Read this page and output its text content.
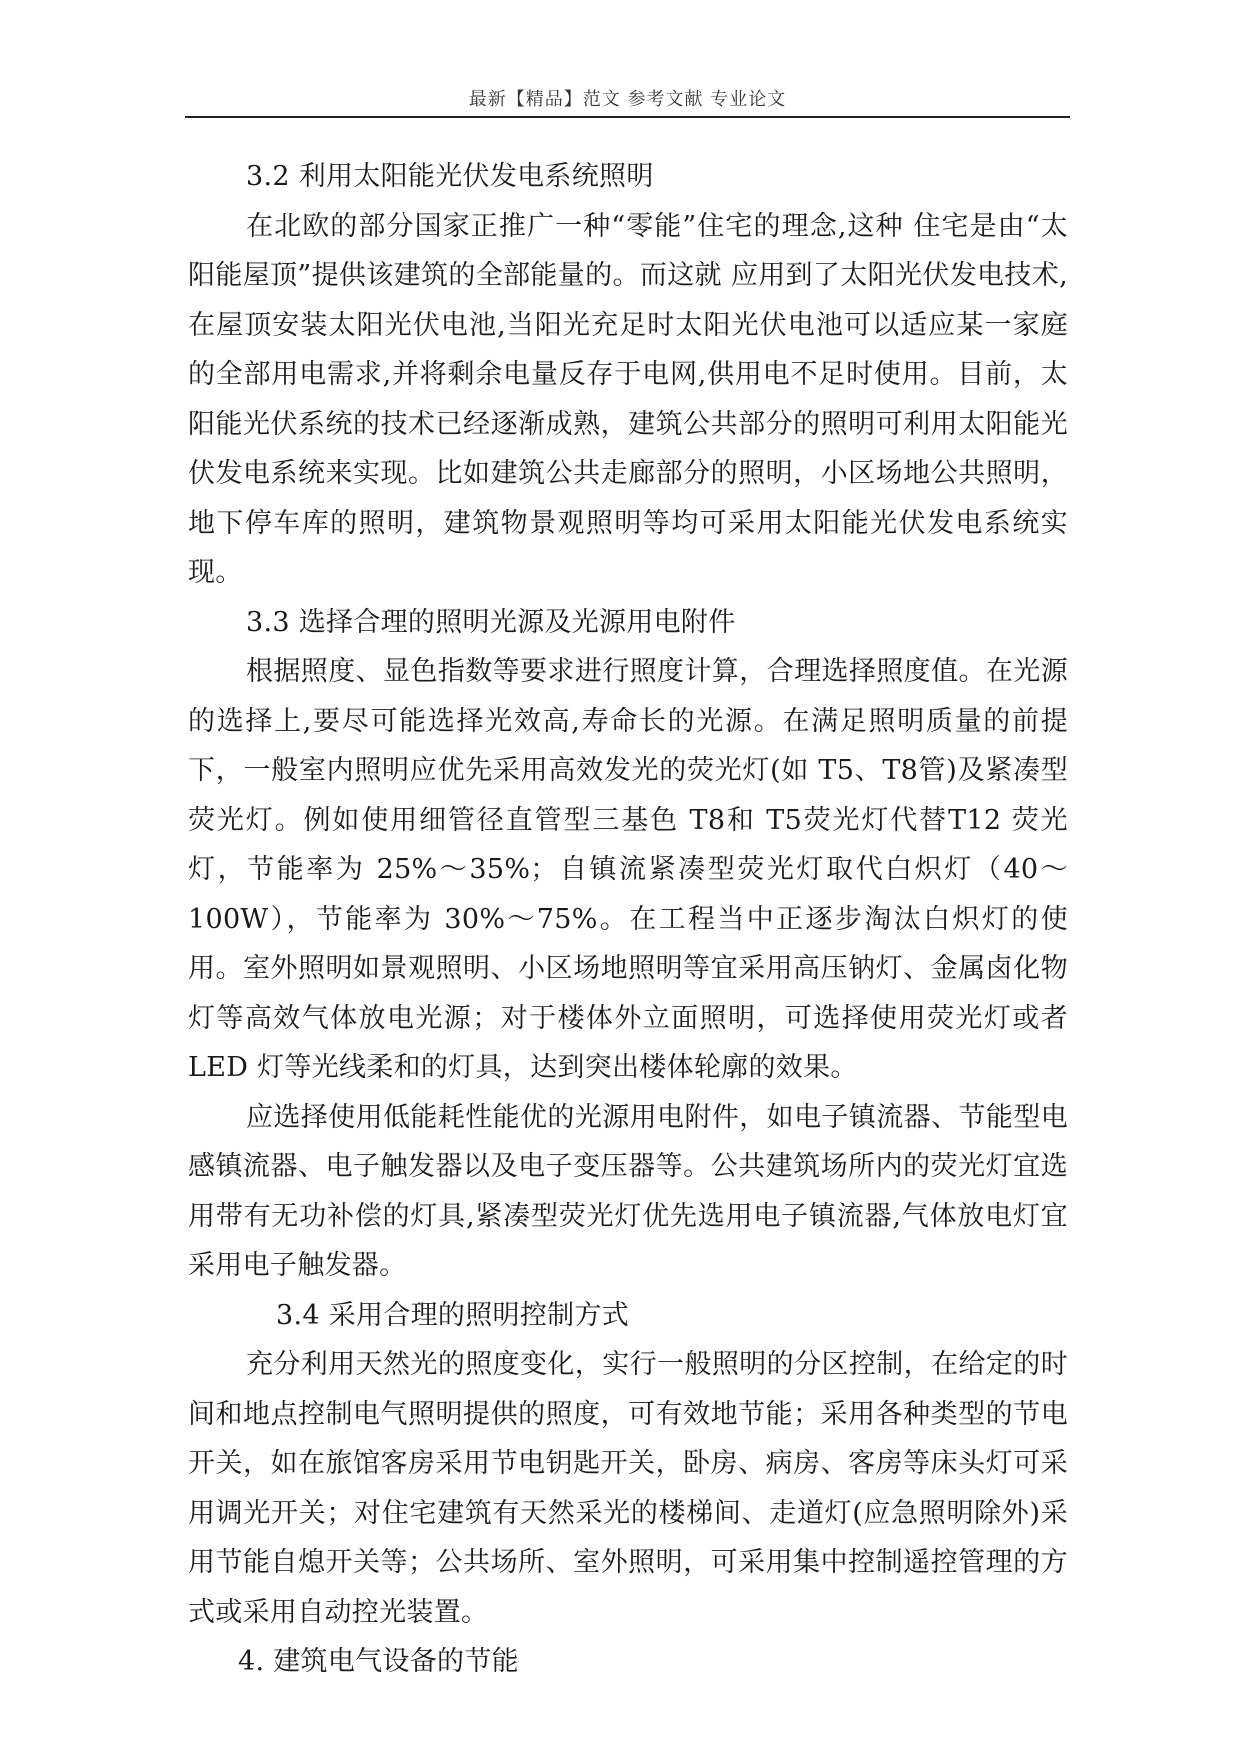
最新【精品】范文 参考文献 专业论文

3.2 利用太阳能光伏发电系统照明

在北欧的部分国家正推广一种“零能”住宅的理念,这种 住宅是由“太阳能屋顶”提供该建筑的全部能量的。而这就 应用到了太阳光伏发电技术,在屋顶安装太阳光伏电池,当阳光充足时太阳光伏电池可以适应某一家庭的全部用电需求,并将剩余电量反存于电网,供用电不足时使用。目前，太阳能光伏系统的技术已经逐渐成熟，建筑公共部分的照明可利用太阳能光伏发电系统来实现。比如建筑公共走廊部分的照明，小区场地公共照明，地下停车库的照明，建筑物景观照明等均可采用太阳能光伏发电系统实现。

3.3 选择合理的照明光源及光源用电附件

根据照度、显色指数等要求进行照度计算，合理选择照度值。在光源的选择上,要尽可能选择光效高,寿命长的光源。在满足照明质量的前提下，一般室内照明应优先采用高效发光的荧光灯(如 T5、T8管)及紧凑型荧光灯。例如使用细管径直管型三基色 T8和 T5荧光灯代替T12 荧光灯，节能率为 25%～35%；自镇流紧凑型荧光灯取代白炽灯（40～100W），节能率为 30%～75%。在工程当中正逐步淘汰白炽灯的使用。室外照明如景观照明、小区场地照明等宜采用高压钠灯、金属卤化物灯等高效气体放电光源；对于楼体外立面照明，可选择使用荧光灯或者 LED 灯等光线柔和的灯具，达到突出楼体轮廓的效果。

应选择使用低能耗性能优的光源用电附件，如电子镇流器、节能型电感镇流器、电子触发器以及电子变压器等。公共建筑场所内的荧光灯宜选用带有无功补偿的灯具,紧凑型荧光灯优先选用电子镇流器,气体放电灯宜采用电子触发器。

3.4 采用合理的照明控制方式

充分利用天然光的照度变化，实行一般照明的分区控制，在给定的时间和地点控制电气照明提供的照度，可有效地节能；采用各种类型的节电开关，如在旅馆客房采用节电钥匙开关，卧房、病房、客房等床头灯可采用调光开关；对住宅建筑有天然采光的楼梯间、走道灯(应急照明除外)采用节能自熄开关等；公共场所、室外照明，可采用集中控制遥控管理的方式或采用自动控光装置。

4. 建筑电气设备的节能
